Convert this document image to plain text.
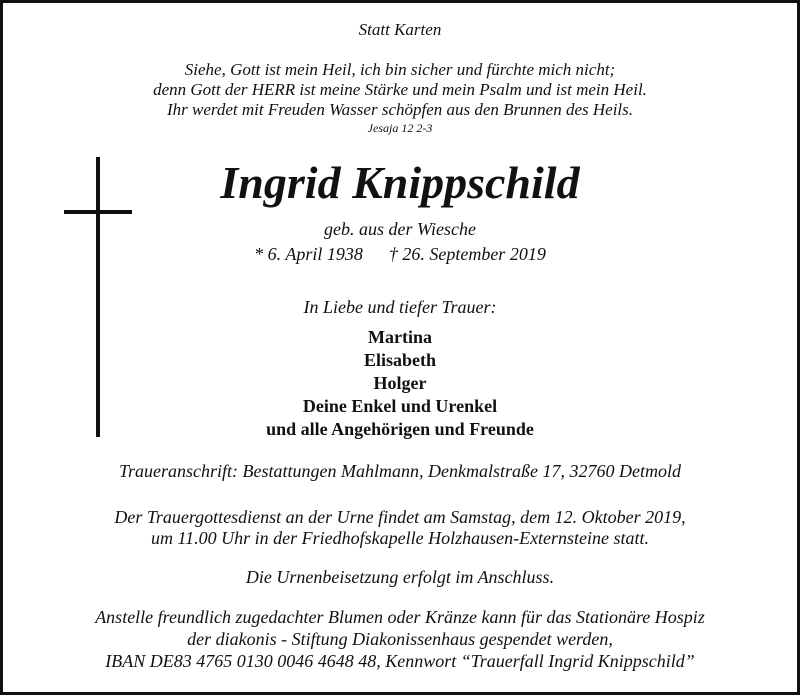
Statt Karten
Siehe, Gott ist mein Heil, ich bin sicher und fürchte mich nicht;
denn Gott der HERR ist meine Stärke und mein Psalm und ist mein Heil.
Ihr werdet mit Freuden Wasser schöpfen aus den Brunnen des Heils.
Jesaja 12 2-3
Ingrid Knippschild
geb. aus der Wiesche
* 6. April 1938 † 26. September 2019
In Liebe und tiefer Trauer:
Martina
Elisabeth
Holger
Deine Enkel und Urenkel
und alle Angehörigen und Freunde
Traueranschrift: Bestattungen Mahlmann, Denkmalstraße 17, 32760 Detmold
Der Trauergottesdienst an der Urne findet am Samstag, dem 12. Oktober 2019,
um 11.00 Uhr in der Friedhofskapelle Holzhausen-Externsteine statt.
Die Urnenbeisetzung erfolgt im Anschluss.
Anstelle freundlich zugedachter Blumen oder Kränze kann für das Stationäre Hospiz
der diakonis - Stiftung Diakonissenhaus gespendet werden,
IBAN DE83 4765 0130 0046 4648 48, Kennwort “Trauerfall Ingrid Knippschild”
